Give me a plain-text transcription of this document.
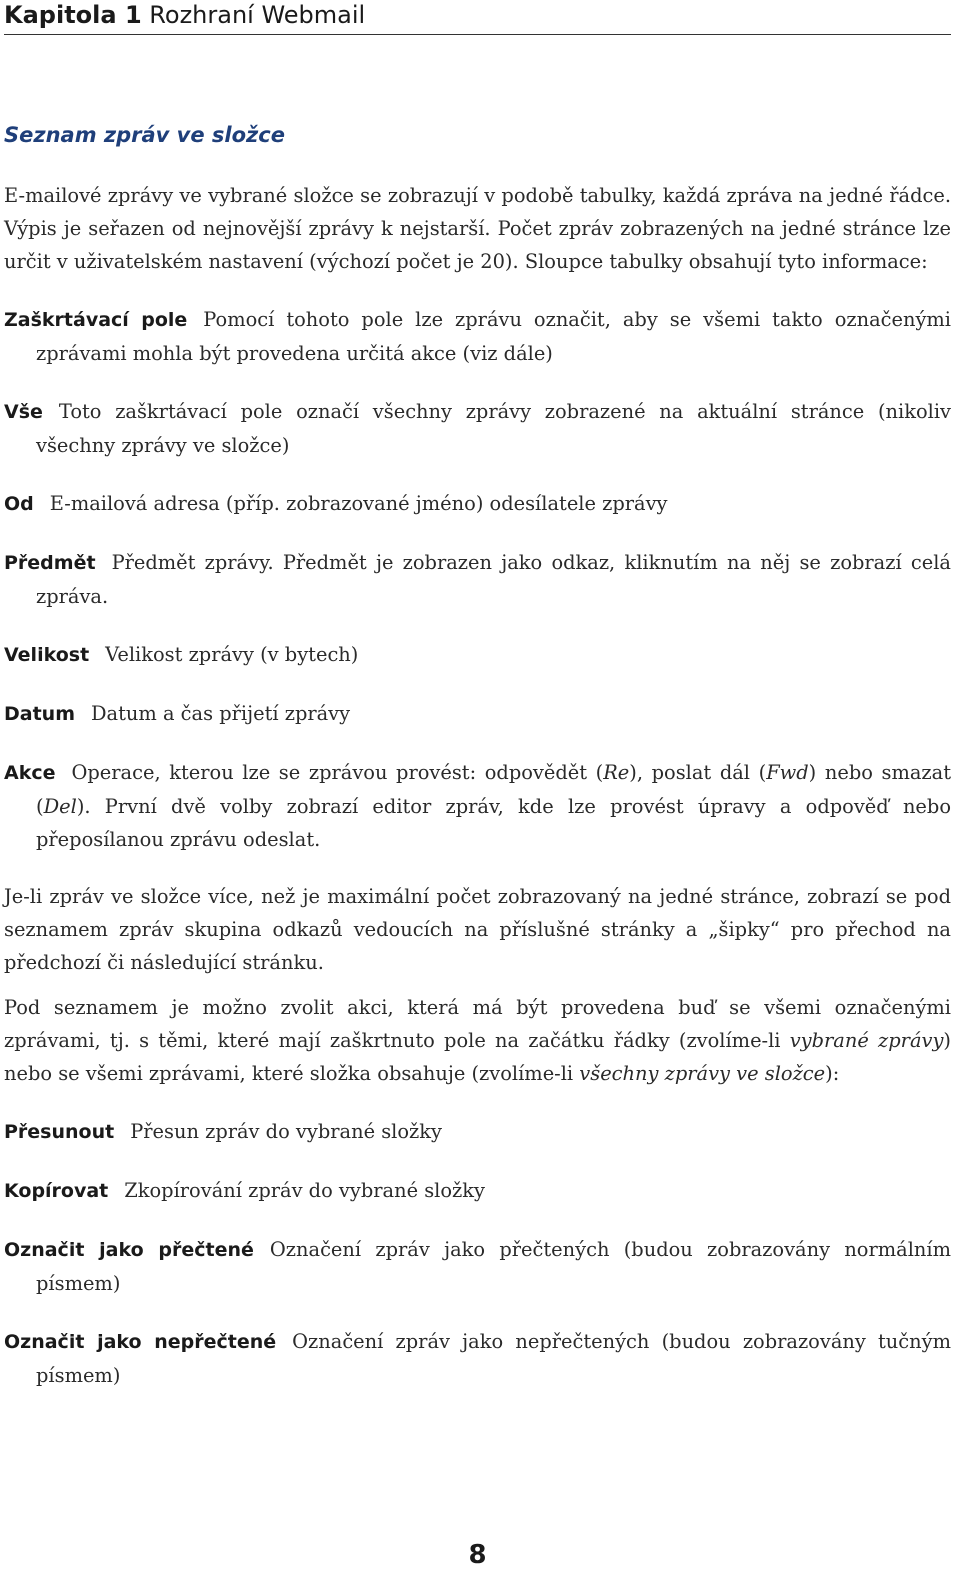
Kapitola 1 Rozhraní Webmail
Seznam zpráv ve složce

E-mailové zprávy ve vybrané složce se zobrazují v podobě tabulky, každá zpráva na jedné řádce. Výpis je seřazen od nejnovější zprávy k nejstarší. Počet zpráv zobrazených na jedné stránce lze určit v uživatelském nastavení (výchozí počet je 20). Sloupce tabulky obsahují tyto informace:

Zaškrtávací pole Pomocí tohoto pole lze zprávu označit, aby se všemi takto označenými zprávami mohla být provedena určitá akce (viz dále)
Vše Toto zaškrtávací pole označí všechny zprávy zobrazené na aktuální stránce (nikoliv všechny zprávy ve složce)
Od E-mailová adresa (příp. zobrazované jméno) odesílatele zprávy
Předmět Předmět zprávy. Předmět je zobrazen jako odkaz, kliknutím na něj se zobrazí celá zpráva.
Velikost Velikost zprávy (v bytech)
Datum Datum a čas přijetí zprávy
Akce Operace, kterou lze se zprávou provést: odpovědět (Re), poslat dál (Fwd) nebo smazat (Del). První dvě volby zobrazí editor zpráv, kde lze provést úpravy a odpověď nebo přeposílanou zprávu odeslat.

Je-li zpráv ve složce více, než je maximální počet zobrazovaný na jedné stránce, zobrazí se pod seznamem zpráv skupina odkazů vedoucích na příslušné stránky a „šipky“ pro přechod na předchozí či následující stránku.

Pod seznamem je možno zvolit akci, která má být provedena buď se všemi označenými zprávami, tj. s těmi, které mají zaškrtnuto pole na začátku řádky (zvolíme-li vybrané zprávy) nebo se všemi zprávami, které složka obsahuje (zvolíme-li všechny zprávy ve složce):

Přesunout Přesun zpráv do vybrané složky
Kopírovat Zkopírování zpráv do vybrané složky
Označit jako přečtené Označení zpráv jako přečtených (budou zobrazovány normálním písmem)
Označit jako nepřečtené Označení zpráv jako nepřečtených (budou zobrazovány tučným písmem)
8
